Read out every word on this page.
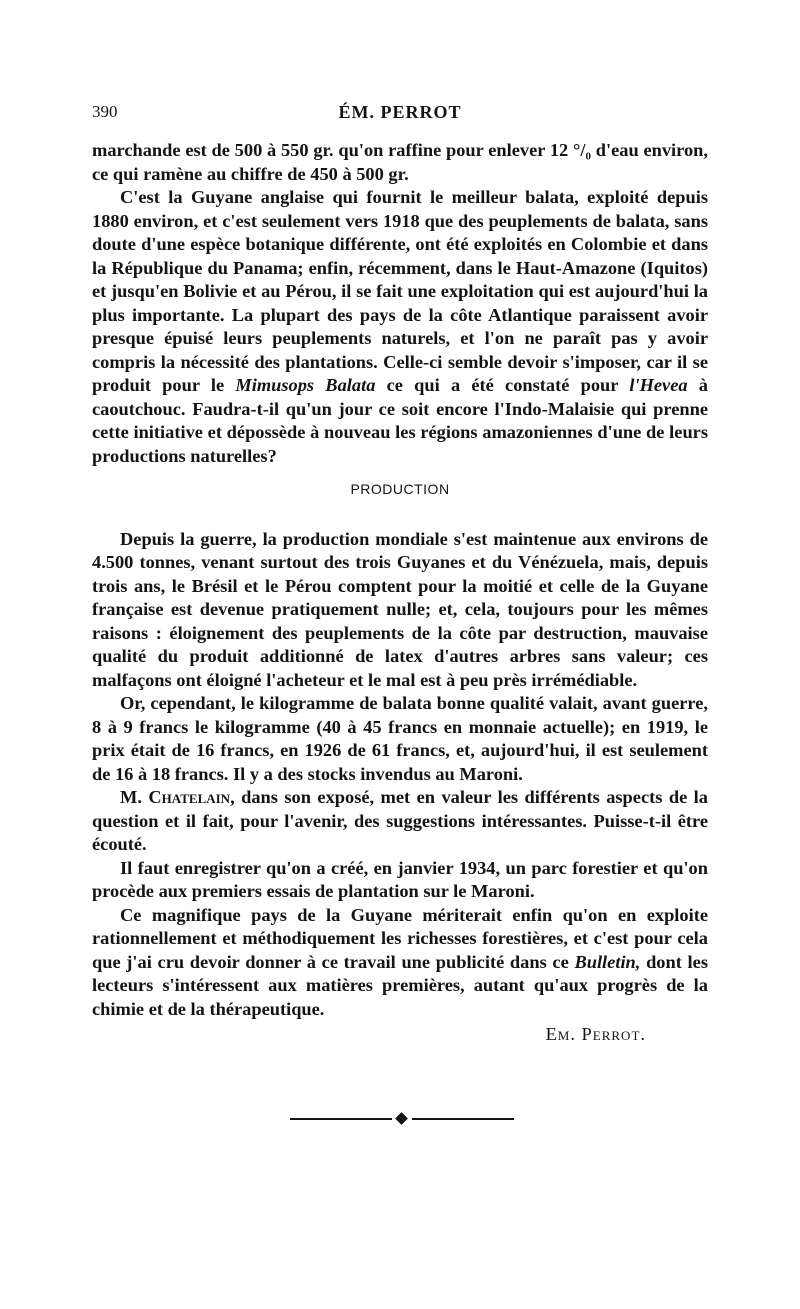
390	ÉM. PERROT

marchande est de 500 à 550 gr. qu'on raffine pour enlever 12 °/₀ d'eau environ, ce qui ramène au chiffre de 450 à 500 gr.

C'est la Guyane anglaise qui fournit le meilleur balata, exploité depuis 1880 environ, et c'est seulement vers 1918 que des peuplements de balata, sans doute d'une espèce botanique différente, ont été exploités en Colombie et dans la République du Panama; enfin, récemment, dans le Haut-Amazone (Iquitos) et jusqu'en Bolivie et au Pérou, il se fait une exploitation qui est aujourd'hui la plus importante. La plupart des pays de la côte Atlantique paraissent avoir presque épuisé leurs peuplements naturels, et l'on ne paraît pas y avoir compris la nécessité des plantations. Celle-ci semble devoir s'imposer, car il se produit pour le Mimusops Balata ce qui a été constaté pour l'Hevea à caoutchouc. Faudra-t-il qu'un jour ce soit encore l'Indo-Malaisie qui prenne cette initiative et dépossède à nouveau les régions amazoniennes d'une de leurs productions naturelles?

PRODUCTION

Depuis la guerre, la production mondiale s'est maintenue aux environs de 4.500 tonnes, venant surtout des trois Guyanes et du Vénézuela, mais, depuis trois ans, le Brésil et le Pérou comptent pour la moitié et celle de la Guyane française est devenue pratiquement nulle; et, cela, toujours pour les mêmes raisons : éloignement des peuplements de la côte par destruction, mauvaise qualité du produit additionné de latex d'autres arbres sans valeur; ces malfaçons ont éloigné l'acheteur et le mal est à peu près irrémédiable.

Or, cependant, le kilogramme de balata bonne qualité valait, avant guerre, 8 à 9 francs le kilogramme (40 à 45 francs en monnaie actuelle); en 1919, le prix était de 16 francs, en 1926 de 61 francs, et, aujourd'hui, il est seulement de 16 à 18 francs. Il y a des stocks invendus au Maroni.

M. Chatelain, dans son exposé, met en valeur les différents aspects de la question et il fait, pour l'avenir, des suggestions intéressantes. Puisse-t-il être écouté.

Il faut enregistrer qu'on a créé, en janvier 1934, un parc forestier et qu'on procède aux premiers essais de plantation sur le Maroni.

Ce magnifique pays de la Guyane mériterait enfin qu'on en exploite rationnellement et méthodiquement les richesses forestières, et c'est pour cela que j'ai cru devoir donner à ce travail une publicité dans ce Bulletin, dont les lecteurs s'intéressent aux matières premières, autant qu'aux progrès de la chimie et de la thérapeutique.

Em. Perrot.
